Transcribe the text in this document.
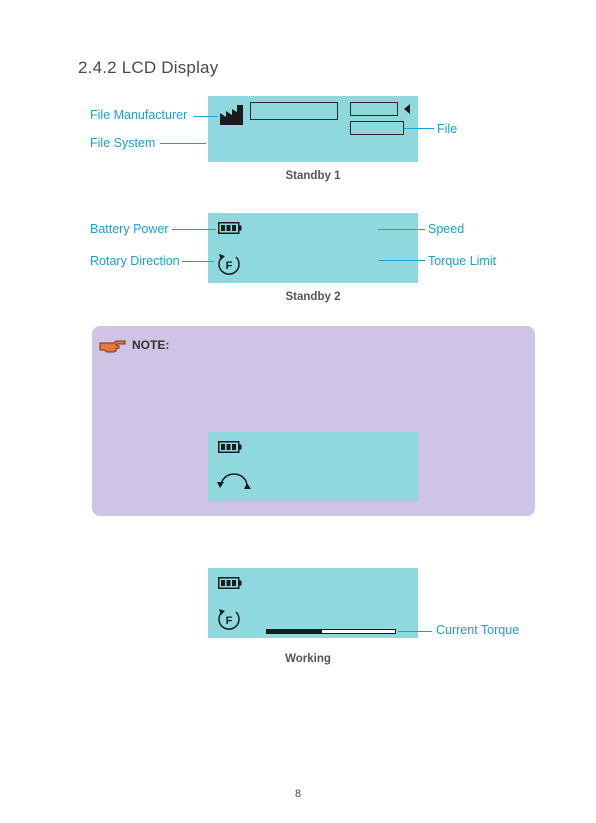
2.4.2 LCD Display
File Manufacturer
File System
File
Standby 1
F
Battery Power
Rotary Direction
Speed
Torque Limit
Standby 2
NOTE:
F
Current Torque
Working
8
